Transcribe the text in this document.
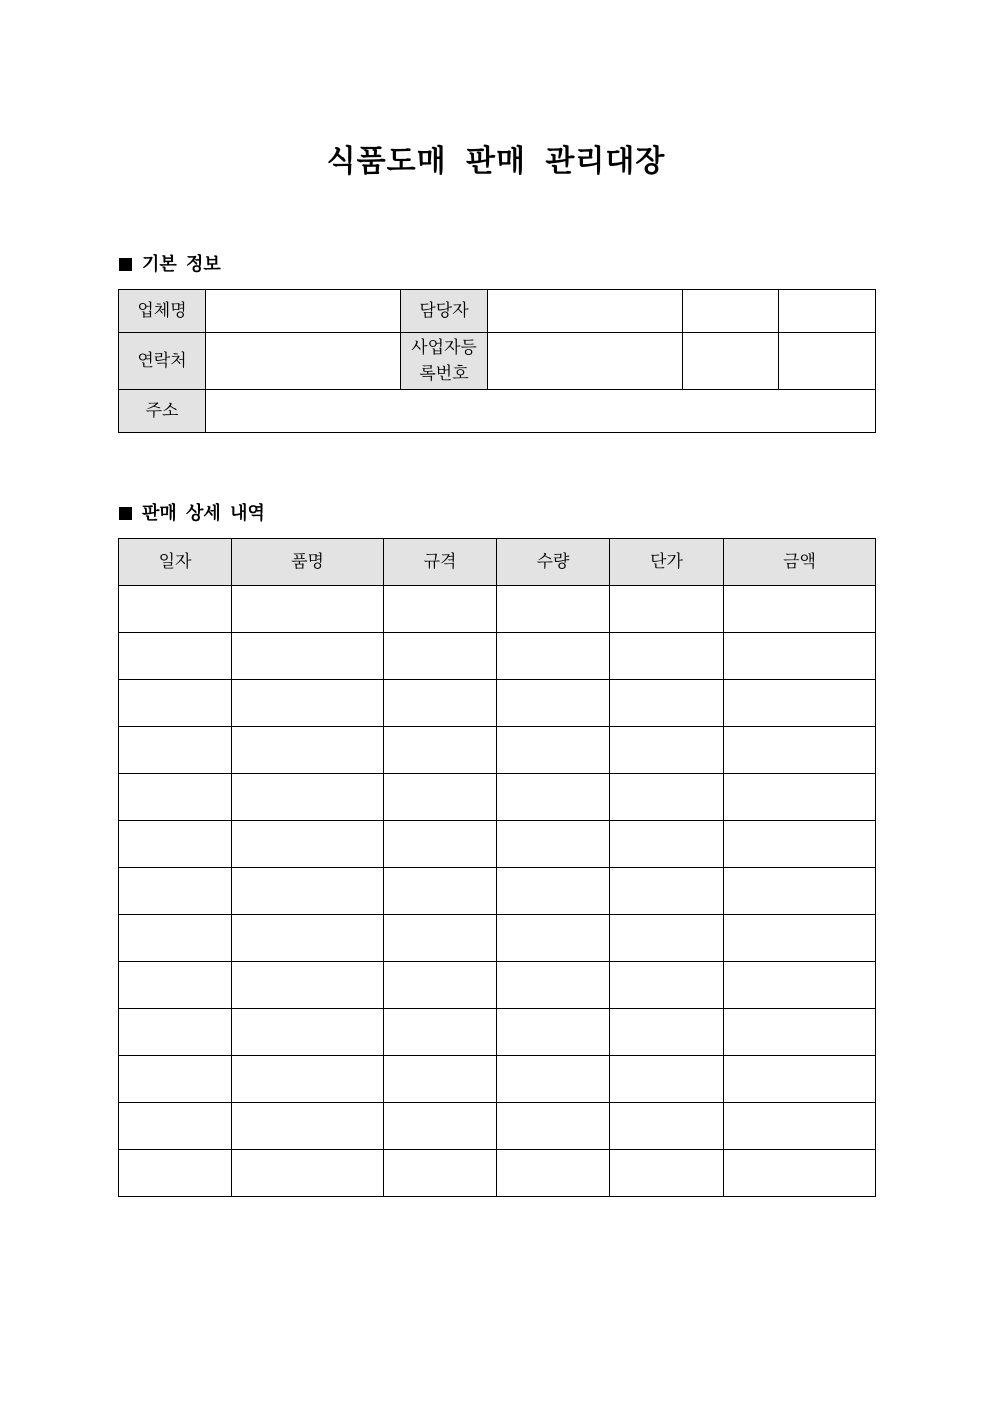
식품도매 판매 관리대장
기본 정보
업체명		담당자			
연락처		사업자등
록번호			

주소					
판매 상세 내역
일자	품명	규격	수량	단가	금액
